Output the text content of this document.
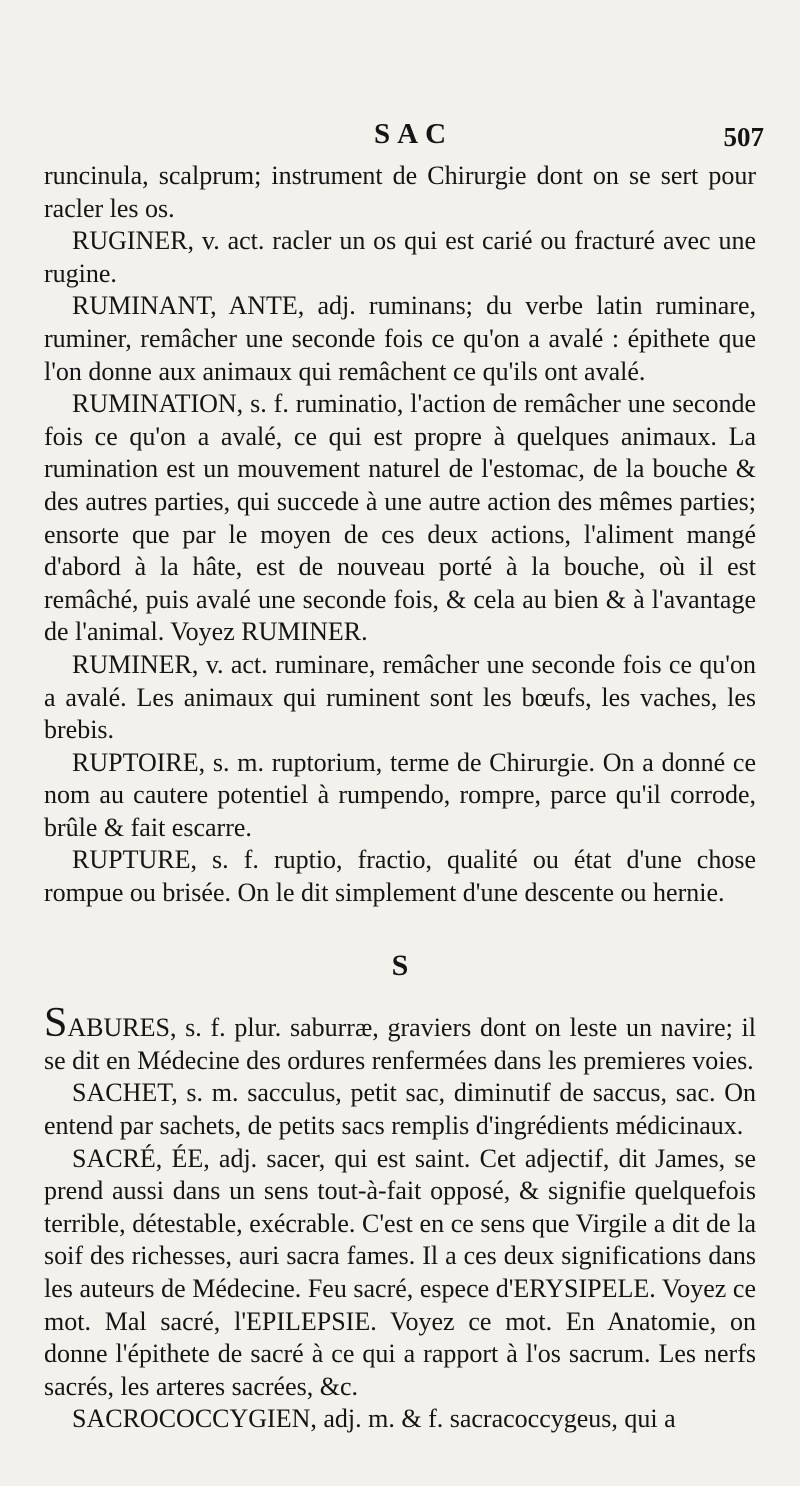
SAC	507

runcinula, scalprum; instrument de Chirurgie dont on se sert pour racler les os.

RUGINER, v. act. racler un os qui est carié ou fracturé avec une rugine.

RUMINANT, ANTE, adj. ruminans; du verbe latin ruminare, ruminer, remâcher une seconde fois ce qu'on a avalé : épithete que l'on donne aux animaux qui remâchent ce qu'ils ont avalé.

RUMINATION, s. f. ruminatio, l'action de remâcher une seconde fois ce qu'on a avalé, ce qui est propre à quelques animaux. La rumination est un mouvement naturel de l'estomac, de la bouche & des autres parties, qui succede à une autre action des mêmes parties; ensorte que par le moyen de ces deux actions, l'aliment mangé d'abord à la hâte, est de nouveau porté à la bouche, où il est remâché, puis avalé une seconde fois, & cela au bien & à l'avantage de l'animal. Voyez RUMINER.

RUMINER, v. act. ruminare, remâcher une seconde fois ce qu'on a avalé. Les animaux qui ruminent sont les bœufs, les vaches, les brebis.

RUPTOIRE, s. m. ruptorium, terme de Chirurgie. On a donné ce nom au cautere potentiel à rumpendo, rompre, parce qu'il corrode, brûle & fait escarre.

RUPTURE, s. f. ruptio, fractio, qualité ou état d'une chose rompue ou brisée. On le dit simplement d'une descente ou hernie.

S

SABURES, s. f. plur. saburræ, graviers dont on leste un navire; il se dit en Médecine des ordures renfermées dans les premieres voies.

SACHET, s. m. sacculus, petit sac, diminutif de saccus, sac. On entend par sachets, de petits sacs remplis d'ingrédients médicinaux.

SACRÉ, ÉE, adj. sacer, qui est saint. Cet adjectif, dit James, se prend aussi dans un sens tout-à-fait opposé, & signifie quelquefois terrible, détestable, exécrable. C'est en ce sens que Virgile a dit de la soif des richesses, auri sacra fames. Il a ces deux significations dans les auteurs de Médecine. Feu sacré, espece d'ERYSIPELE. Voyez ce mot. Mal sacré, l'EPILEPSIE. Voyez ce mot. En Anatomie, on donne l'épithete de sacré à ce qui a rapport à l'os sacrum. Les nerfs sacrés, les arteres sacrées, &c.

SACROCOCCYGIEN, adj. m. & f. sacracoccygeus, qui a
